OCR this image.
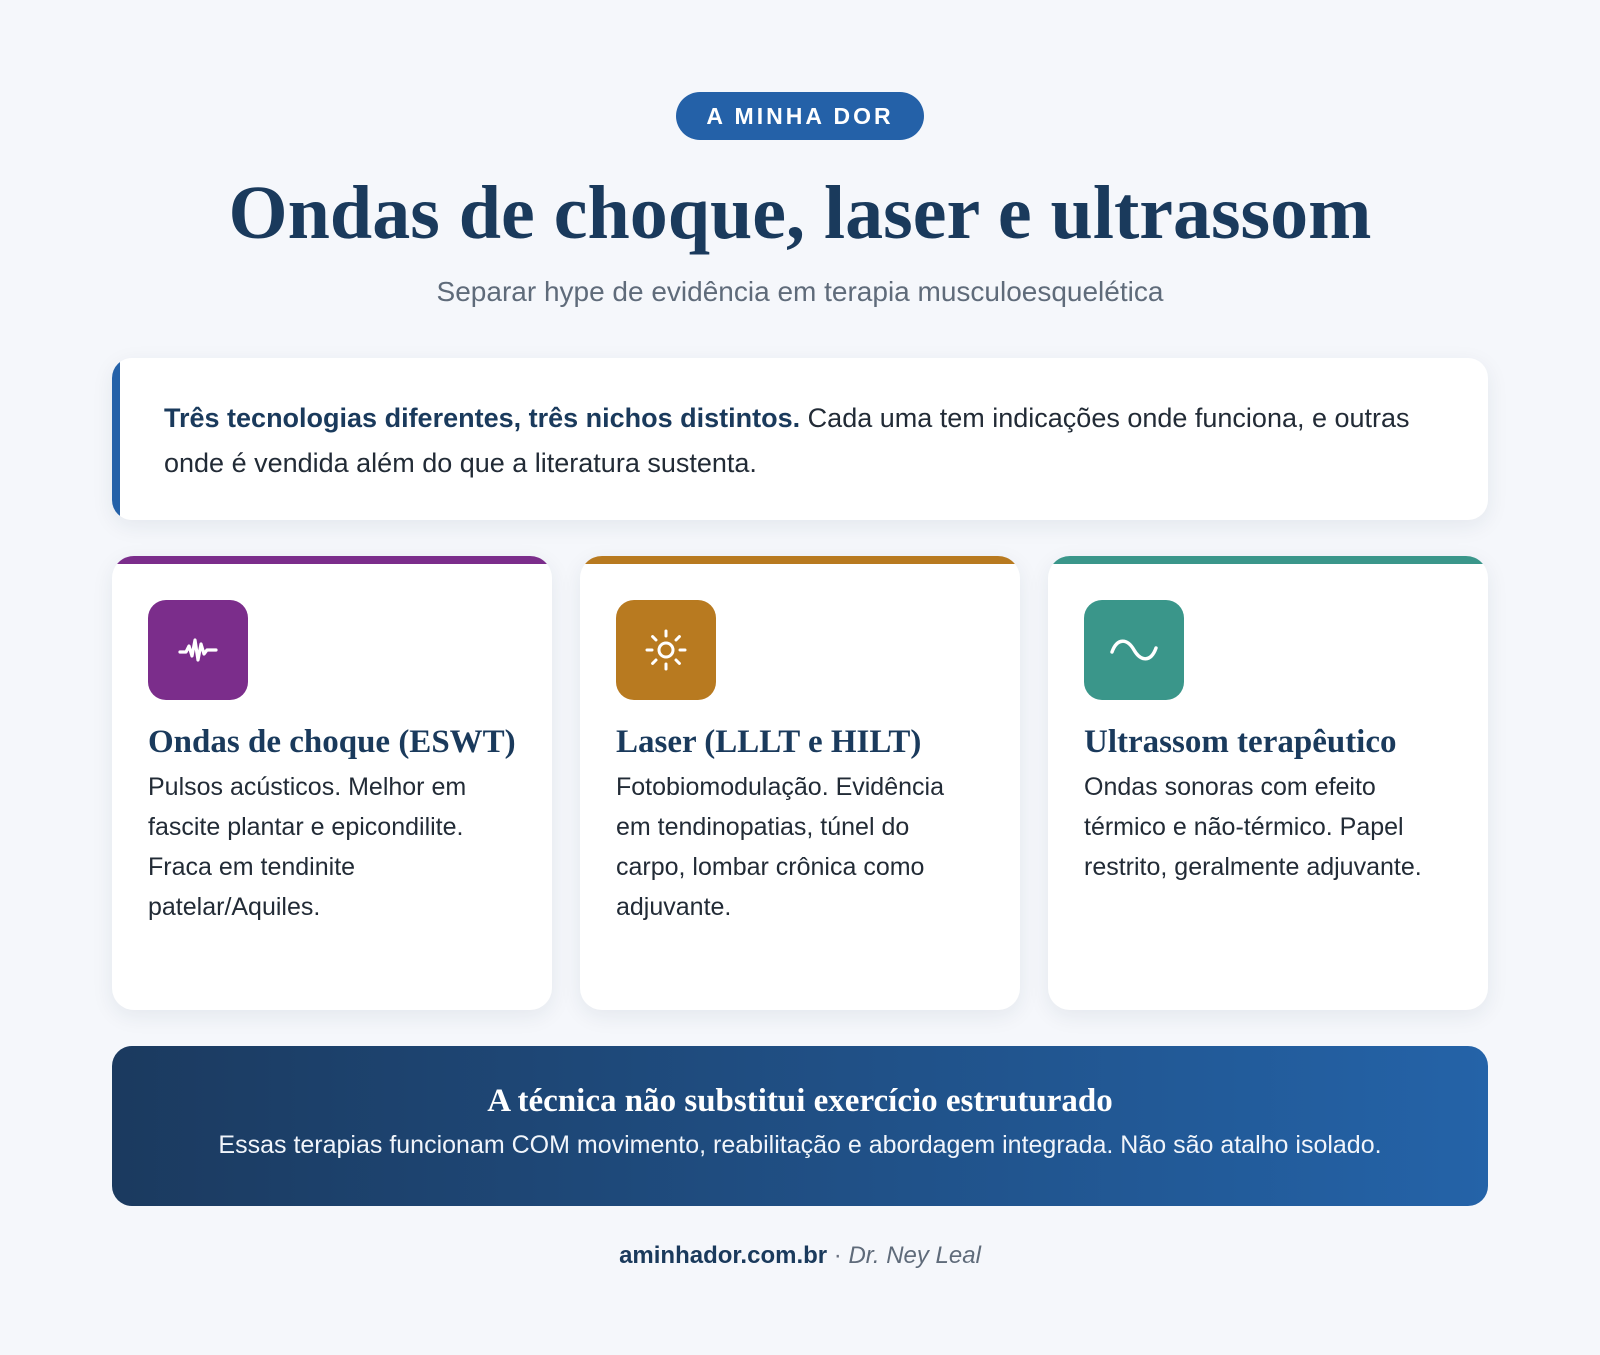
A MINHA DOR
Ondas de choque, laser e ultrassom
Separar hype de evidência em terapia musculoesquelética

Três tecnologias diferentes, três nichos distintos. Cada uma tem indicações onde funciona, e outras onde é vendida além do que a literatura sustenta.

Ondas de choque (ESWT)

Pulsos acústicos. Melhor em fascite plantar e epicondilite. Fraca em tendinite patelar/Aquiles.

Laser (LLLT e HILT)

Fotobiomodulação. Evidência em tendinopatias, túnel do carpo, lombar crônica como adjuvante.

Ultrassom terapêutico

Ondas sonoras com efeito térmico e não-térmico. Papel restrito, geralmente adjuvante.

A técnica não substitui exercício estruturado

Essas terapias funcionam COM movimento, reabilitação e abordagem integrada. Não são atalho isolado.

aminhador.com.br · Dr. Ney Leal
